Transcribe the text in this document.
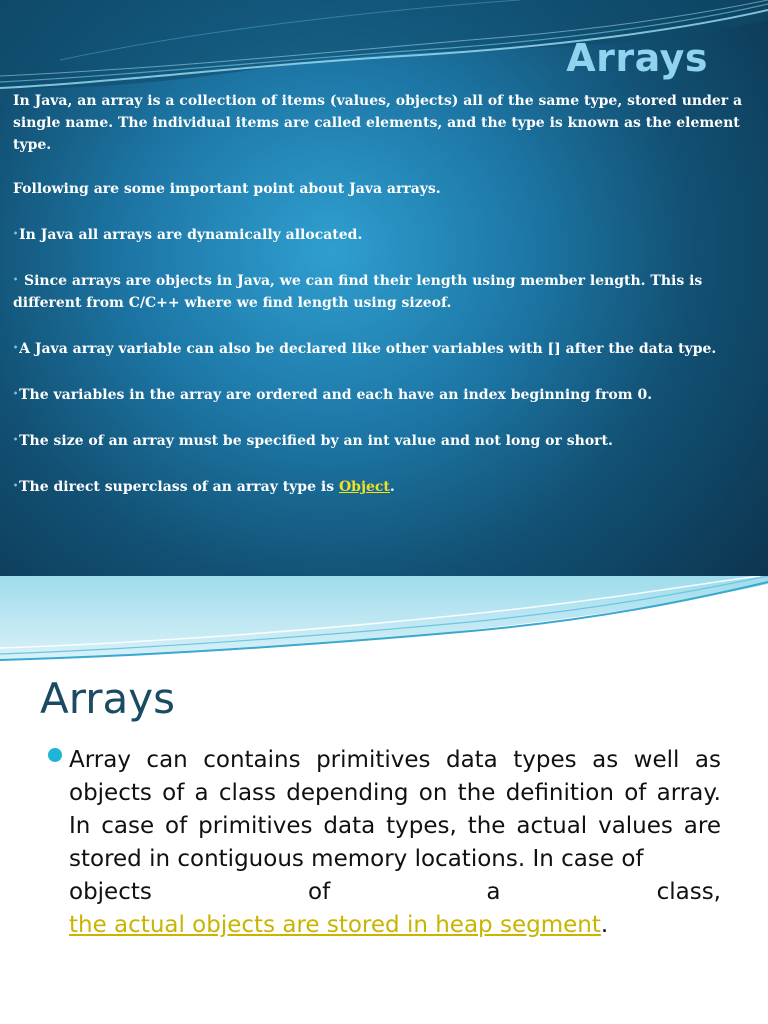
Arrays

In Java, an array is a collection of items (values, objects) all of the same type, stored under a single name. The individual items are called elements, and the type is known as the element type.

Following are some important point about Java arrays.

•In Java all arrays are dynamically allocated.

• Since arrays are objects in Java, we can find their length using member length. This is different from C/C++ where we find length using sizeof.

•A Java array variable can also be declared like other variables with [] after the data type.

•The variables in the array are ordered and each have an index beginning from 0.

•The size of an array must be specified by an int value and not long or short.

•The direct superclass of an array type is Object.

Arrays

Array can contains primitives data types as well as objects of a class depending on the definition of array. In case of primitives data types, the actual values are stored in contiguous memory locations. In case of
objects of a class,
the actual objects are stored in heap segment.
